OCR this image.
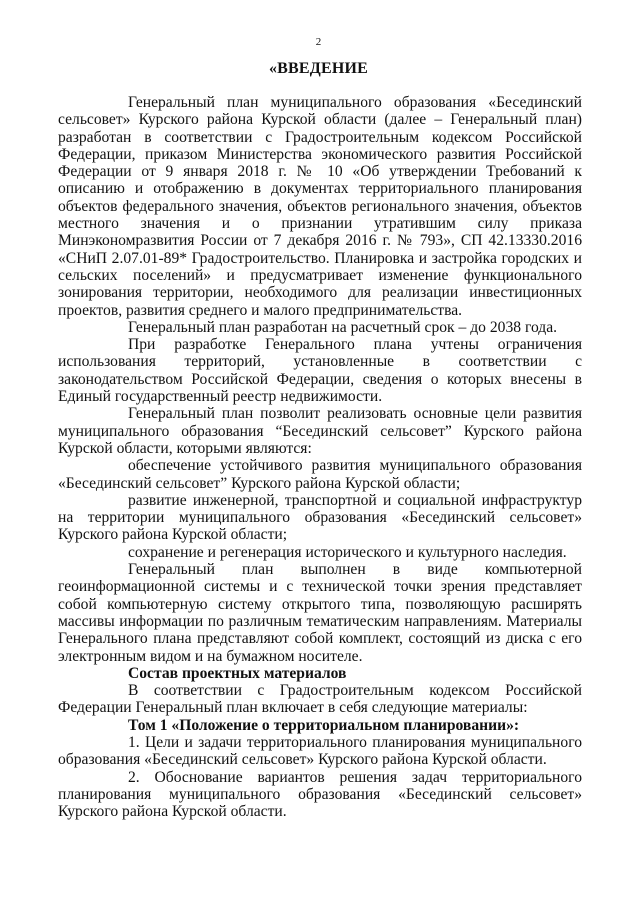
2
«ВВЕДЕНИЕ

Генеральный план муниципального образования «Бесединский сельсовет» Курского района Курской области (далее – Генеральный план) разработан в соответствии с Градостроительным кодексом Российской Федерации, приказом Министерства экономического развития Российской Федерации от 9 января 2018 г. № 10 «Об утверждении Требований к описанию и отображению в документах территориального планирования объектов федерального значения, объектов регионального значения, объектов местного значения и о признании утратившим силу приказа Минэкономразвития России от 7 декабря 2016 г. № 793», СП 42.13330.2016 «СНиП 2.07.01-89* Градостроительство. Планировка и застройка городских и сельских поселений» и предусматривает изменение функционального зонирования территории, необходимого для реализации инвестиционных проектов, развития среднего и малого предпринимательства.

Генеральный план разработан на расчетный срок – до 2038 года.

При разработке Генерального плана учтены ограничения использования территорий, установленные в соответствии с законодательством Российской Федерации, сведения о которых внесены в Единый государственный реестр недвижимости.

Генеральный план позволит реализовать основные цели развития муниципального образования “Бесединский сельсовет” Курского района Курской области, которыми являются:

обеспечение устойчивого развития муниципального образования «Бесединский сельсовет” Курского района Курской области;

развитие инженерной, транспортной и социальной инфраструктур на территории муниципального образования «Бесединский сельсовет» Курского района Курской области;

сохранение и регенерация исторического и культурного наследия.

Генеральный план выполнен в виде компьютерной геоинформационной системы и с технической точки зрения представляет собой компьютерную систему открытого типа, позволяющую расширять массивы информации по различным тематическим направлениям. Материалы Генерального плана представляют собой комплект, состоящий из диска с его электронным видом и на бумажном носителе.

Состав проектных материалов

В соответствии с Градостроительным кодексом Российской Федерации Генеральный план включает в себя следующие материалы:

Том 1 «Положение о территориальном планировании»:

1. Цели и задачи территориального планирования муниципального образования «Бесединский сельсовет» Курского района Курской области.

2. Обоснование вариантов решения задач территориального планирования муниципального образования «Бесединский сельсовет» Курского района Курской области.
